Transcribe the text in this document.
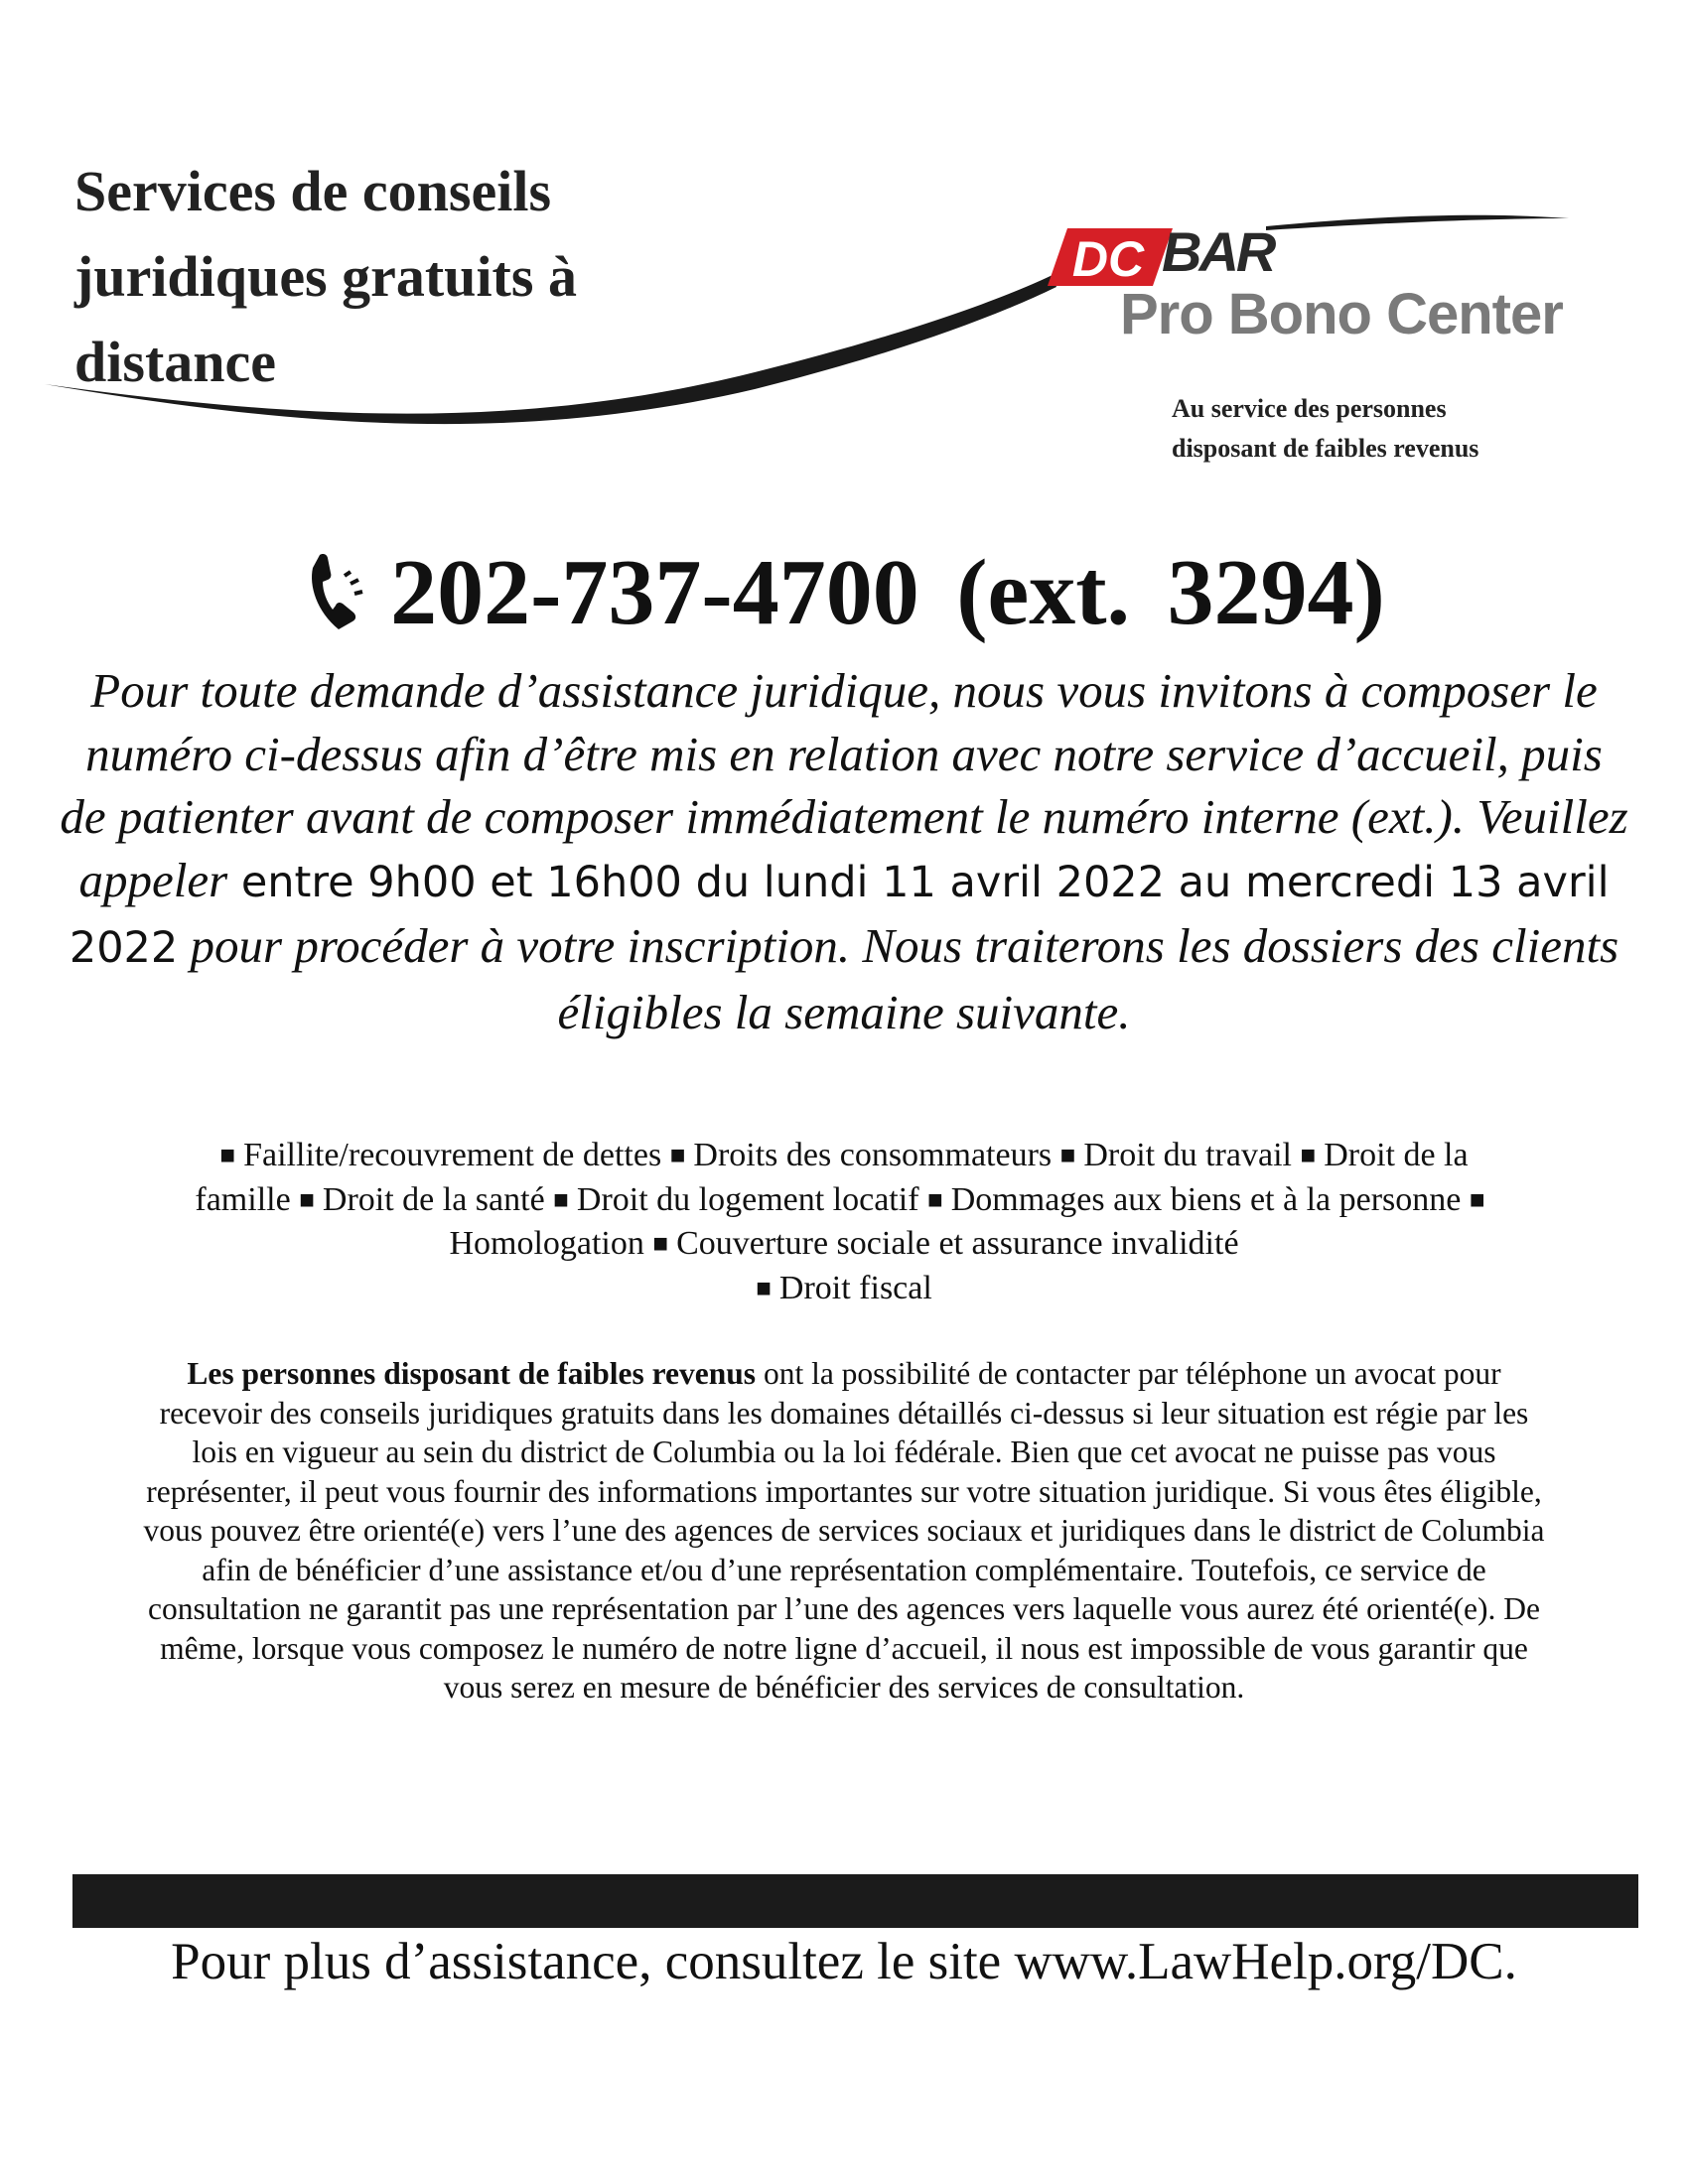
Services de conseils
juridiques gratuits à
distance
DC BAR
Pro Bono Center
Au service des personnes
disposant de faibles revenus
202-737-4700 (ext. 3294)
Pour toute demande d’assistance juridique, nous vous invitons à composer le numéro ci-dessus afin d’être mis en relation avec notre service d’accueil, puis de patienter avant de composer immédiatement le numéro interne (ext.). Veuillez appeler entre 9h00 et 16h00 du lundi 11 avril 2022 au mercredi 13 avril 2022 pour procéder à votre inscription. Nous traiterons les dossiers des clients éligibles la semaine suivante.
■ Faillite/recouvrement de dettes ■ Droits des consommateurs ■ Droit du travail ■ Droit de la famille ■ Droit de la santé ■ Droit du logement locatif ■ Dommages aux biens et à la personne ■Homologation ■ Couverture sociale et assurance invalidité
■ Droit fiscal
Les personnes disposant de faibles revenus ont la possibilité de contacter par téléphone un avocat pour recevoir des conseils juridiques gratuits dans les domaines détaillés ci-dessus si leur situation est régie par les lois en vigueur au sein du district de Columbia ou la loi fédérale. Bien que cet avocat ne puisse pas vous représenter, il peut vous fournir des informations importantes sur votre situation juridique. Si vous êtes éligible, vous pouvez être orienté(e) vers l’une des agences de services sociaux et juridiques dans le district de Columbia afin de bénéficier d’une assistance et/ou d’une représentation complémentaire. Toutefois, ce service de consultation ne garantit pas une représentation par l’une des agences vers laquelle vous aurez été orienté(e). De même, lorsque vous composez le numéro de notre ligne d’accueil, il nous est impossible de vous garantir que vous serez en mesure de bénéficier des services de consultation.
Pour plus d’assistance, consultez le site www.LawHelp.org/DC.
